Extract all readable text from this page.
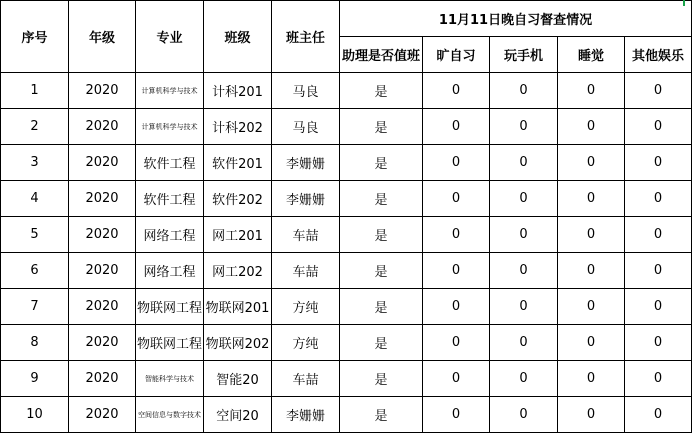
序号	年级	专业	班级	班主任	11月11日晚自习督查情况				
					助理是否值班	旷自习	玩手机	睡觉	其他娱乐
1	2020	计算机科学与技术	计科201	马良	是	0	0	0	0
2	2020	计算机科学与技术	计科202	马良	是	0	0	0	0
3	2020	软件工程	软件201	李姗姗	是	0	0	0	0
4	2020	软件工程	软件202	李姗姗	是	0	0	0	0
5	2020	网络工程	网工201	车喆	是	0	0	0	0
6	2020	网络工程	网工202	车喆	是	0	0	0	0
7	2020	物联网工程	物联网201	方纯	是	0	0	0	0
8	2020	物联网工程	物联网202	方纯	是	0	0	0	0
9	2020	智能科学与技术	智能20	车喆	是	0	0	0	0
10	2020	空间信息与数字技术	空间20	李姗姗	是	0	0	0	0
